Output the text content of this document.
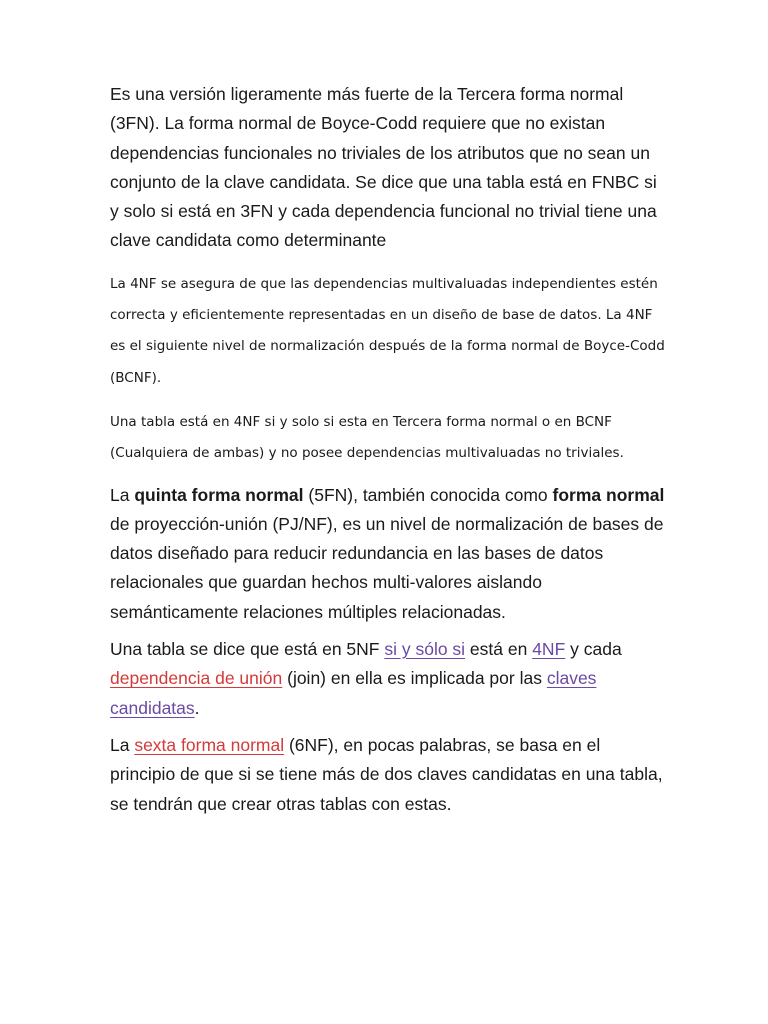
Es una versión ligeramente más fuerte de la Tercera forma normal (3FN). La forma normal de Boyce-Codd requiere que no existan dependencias funcionales no triviales de los atributos que no sean un conjunto de la clave candidata. Se dice que una tabla está en FNBC si y solo si está en 3FN y cada dependencia funcional no trivial tiene una clave candidata como determinante

La 4NF se asegura de que las dependencias multivaluadas independientes estén correcta y eficientemente representadas en un diseño de base de datos. La 4NF es el siguiente nivel de normalización después de la forma normal de Boyce-Codd (BCNF).

Una tabla está en 4NF si y solo si esta en Tercera forma normal o en BCNF (Cualquiera de ambas) y no posee dependencias multivaluadas no triviales.

La quinta forma normal (5FN), también conocida como forma normal de proyección-unión (PJ/NF), es un nivel de normalización de bases de datos diseñado para reducir redundancia en las bases de datos relacionales que guardan hechos multi-valores aislando semánticamente relaciones múltiples relacionadas.

Una tabla se dice que está en 5NF si y sólo si está en 4NF y cada dependencia de unión (join) en ella es implicada por las claves candidatas.

La sexta forma normal (6NF), en pocas palabras, se basa en el principio de que si se tiene más de dos claves candidatas en una tabla, se tendrán que crear otras tablas con estas.
